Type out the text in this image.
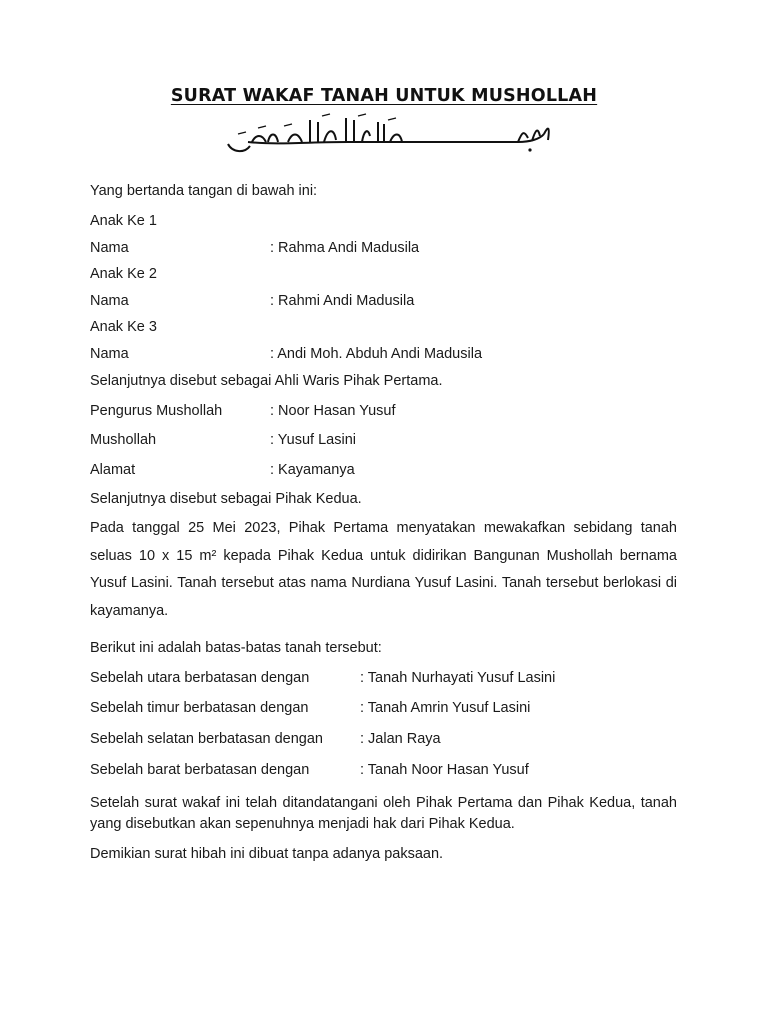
SURAT WAKAF TANAH UNTUK MUSHOLLAH
Yang bertanda tangan di bawah ini:
Anak Ke 1
Nama	: Rahma Andi Madusila
Anak Ke 2
Nama	: Rahmi Andi Madusila
Anak Ke 3
Nama	: Andi Moh. Abduh Andi Madusila
Selanjutnya disebut sebagai Ahli Waris Pihak Pertama.
Pengurus Mushollah	: Noor Hasan Yusuf
Mushollah	: Yusuf Lasini
Alamat	: Kayamanya
Selanjutnya disebut sebagai Pihak Kedua.
Pada tanggal 25 Mei 2023, Pihak Pertama menyatakan mewakafkan sebidang tanah seluas 10 x 15 m² kepada Pihak Kedua untuk didirikan Bangunan Mushollah bernama Yusuf Lasini. Tanah tersebut atas nama Nurdiana Yusuf Lasini. Tanah tersebut berlokasi di kayamanya.
Berikut ini adalah batas-batas tanah tersebut:
Sebelah utara berbatasan dengan	: Tanah Nurhayati Yusuf Lasini
Sebelah timur berbatasan dengan	: Tanah Amrin Yusuf Lasini
Sebelah selatan berbatasan dengan	: Jalan Raya
Sebelah barat berbatasan dengan	: Tanah Noor Hasan Yusuf
Setelah surat wakaf ini telah ditandatangani oleh Pihak Pertama dan Pihak Kedua, tanah yang disebutkan akan sepenuhnya menjadi hak dari Pihak Kedua.
Demikian surat hibah ini dibuat tanpa adanya paksaan.
